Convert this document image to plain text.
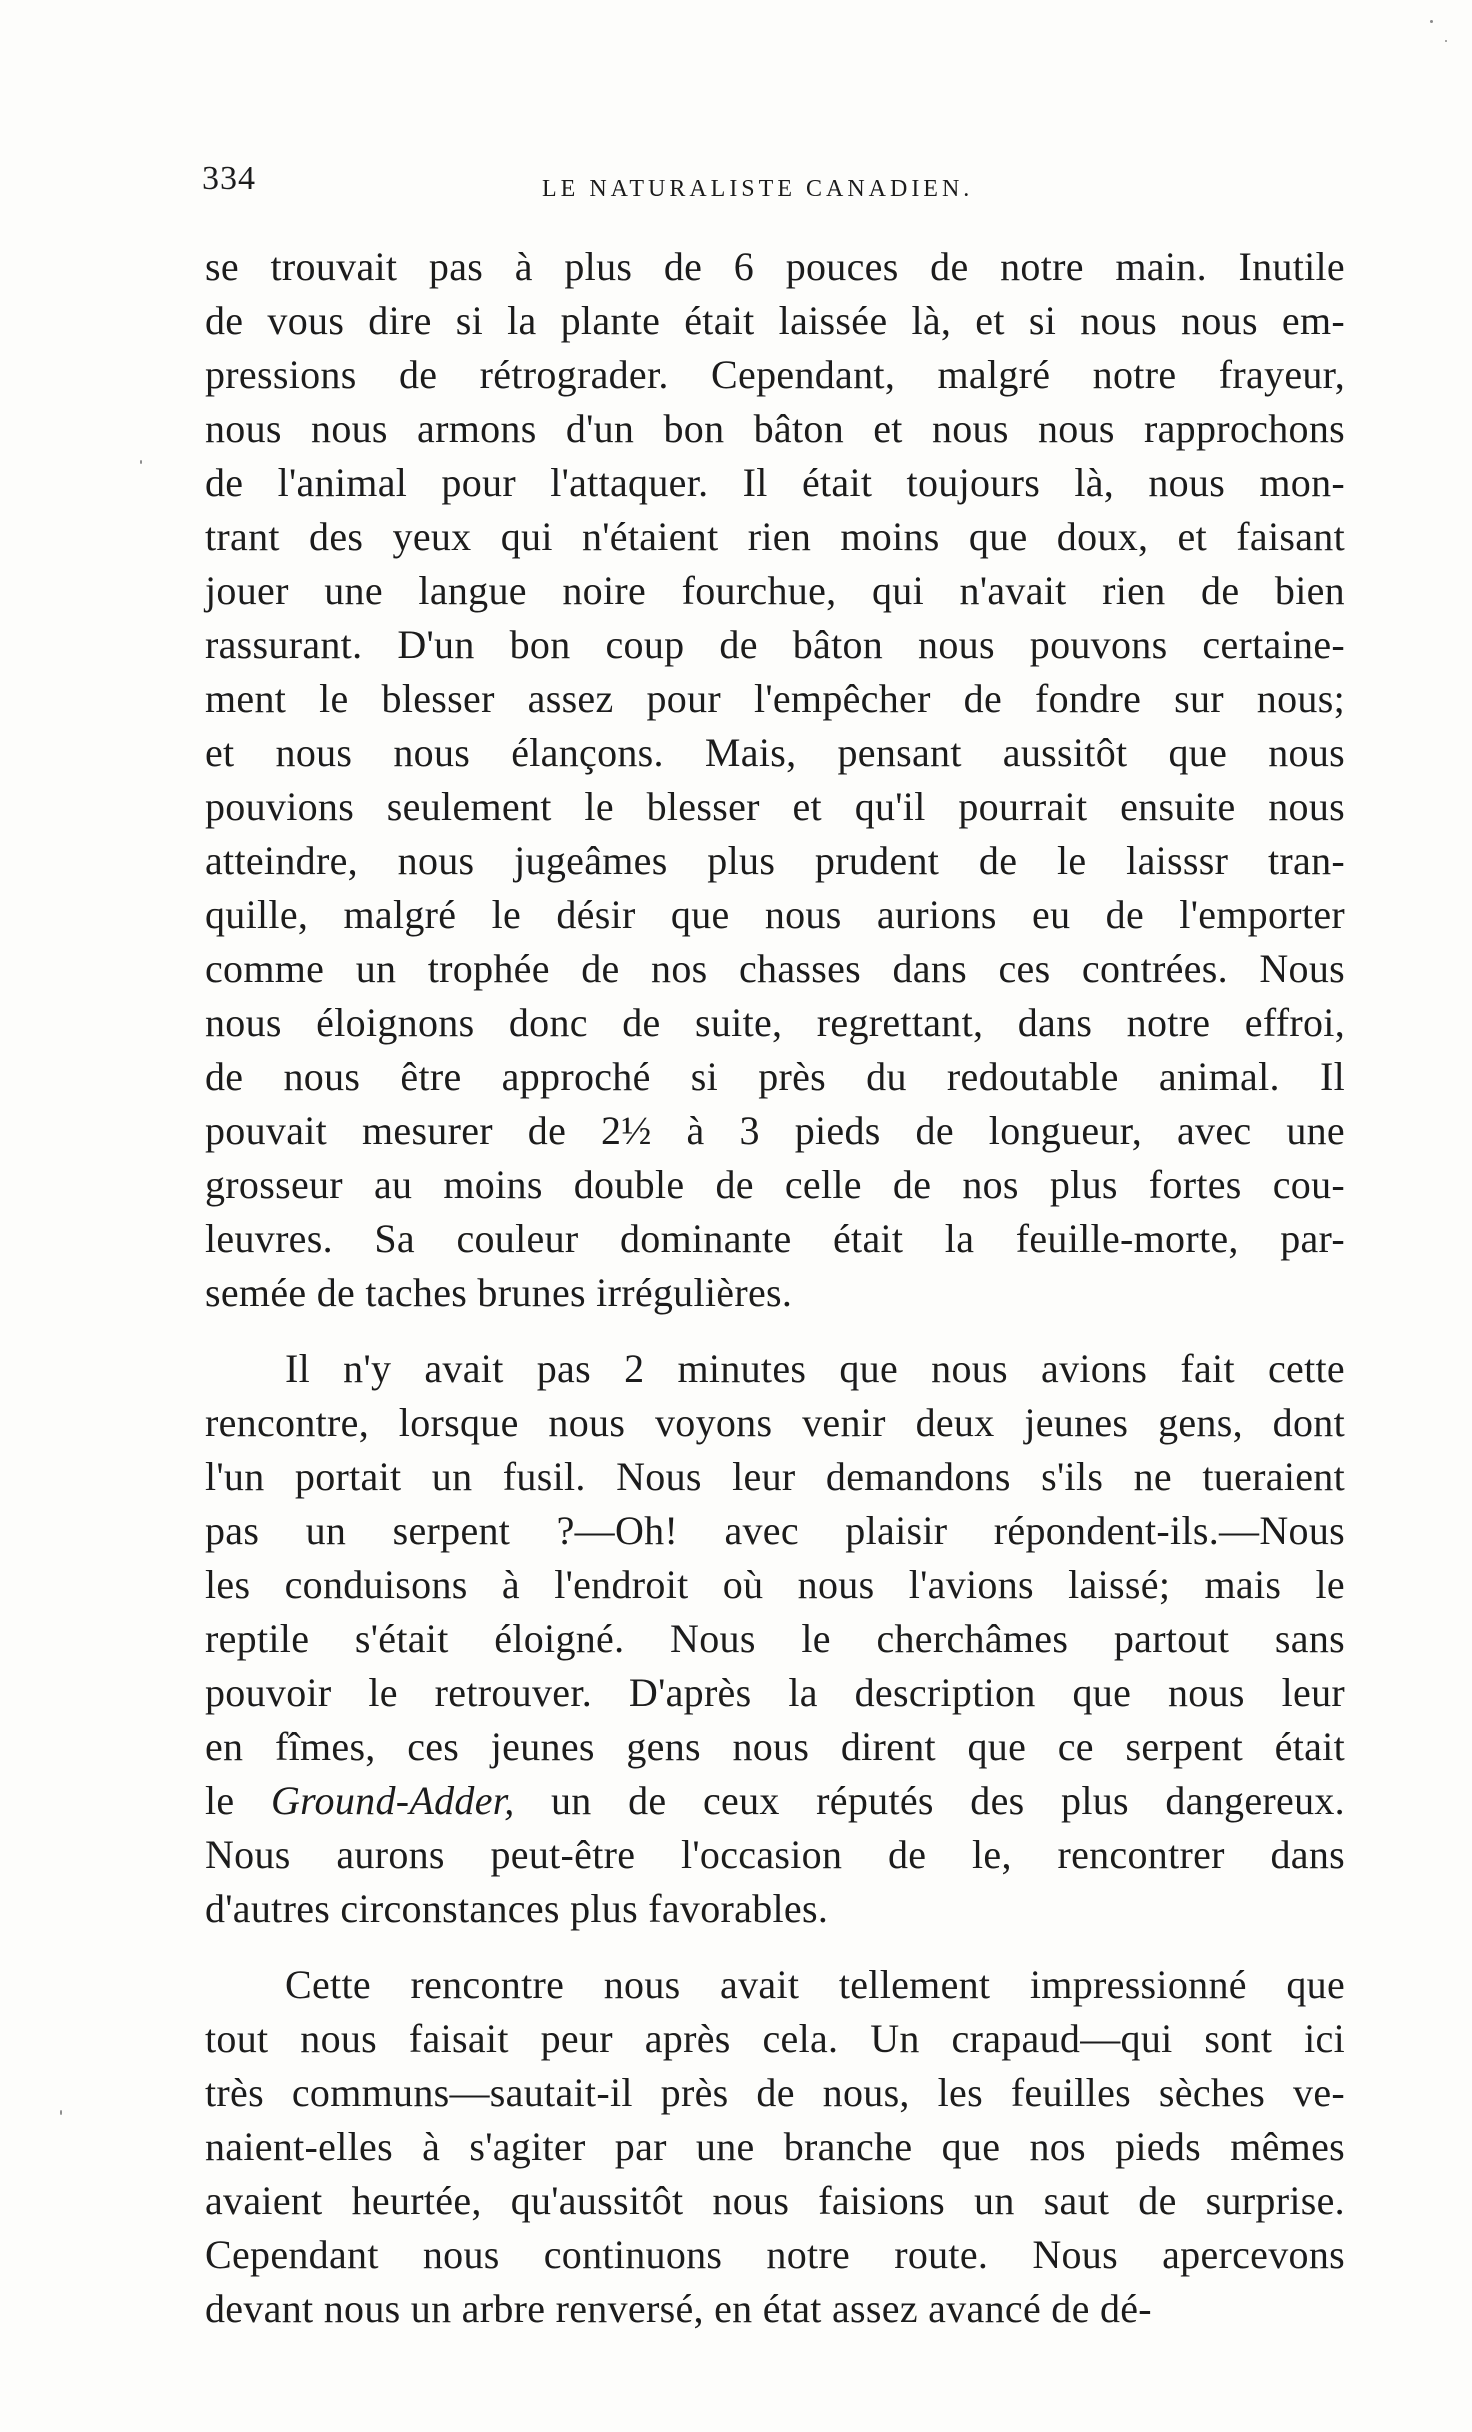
334	LE NATURALISTE CANADIEN.
se trouvait pas à plus de 6 pouces de notre main. Inutile
de vous dire si la plante était laissée là, et si nous nous em-
pressions de rétrograder. Cependant, malgré notre frayeur,
nous nous armons d'un bon bâton et nous nous rapprochons
de l'animal pour l'attaquer. Il était toujours là, nous mon-
trant des yeux qui n'étaient rien moins que doux, et faisant
jouer une langue noire fourchue, qui n'avait rien de bien
rassurant. D'un bon coup de bâton nous pouvons certaine-
ment le blesser assez pour l'empêcher de fondre sur nous;
et nous nous élançons. Mais, pensant aussitôt que nous
pouvions seulement le blesser et qu'il pourrait ensuite nous
atteindre, nous jugeâmes plus prudent de le laisssr tran-
quille, malgré le désir que nous aurions eu de l'emporter
comme un trophée de nos chasses dans ces contrées. Nous
nous éloignons donc de suite, regrettant, dans notre effroi,
de nous être approché si près du redoutable animal. Il
pouvait mesurer de 2½ à 3 pieds de longueur, avec une
grosseur au moins double de celle de nos plus fortes cou-
leuvres. Sa couleur dominante était la feuille-morte, par-
semée de taches brunes irrégulières.
Il n'y avait pas 2 minutes que nous avions fait cette
rencontre, lorsque nous voyons venir deux jeunes gens, dont
l'un portait un fusil. Nous leur demandons s'ils ne tueraient
pas un serpent ?—Oh! avec plaisir répondent-ils.—Nous
les conduisons à l'endroit où nous l'avions laissé; mais le
reptile s'était éloigné. Nous le cherchâmes partout sans
pouvoir le retrouver. D'après la description que nous leur
en fîmes, ces jeunes gens nous dirent que ce serpent était
le Ground-Adder, un de ceux réputés des plus dangereux.
Nous aurons peut-être l'occasion de le, rencontrer dans
d'autres circonstances plus favorables.
Cette rencontre nous avait tellement impressionné que
tout nous faisait peur après cela. Un crapaud—qui sont ici
très communs—sautait-il près de nous, les feuilles sèches ve-
naient-elles à s'agiter par une branche que nos pieds mêmes
avaient heurtée, qu'aussitôt nous faisions un saut de surprise.
Cependant nous continuons notre route. Nous apercevons
devant nous un arbre renversé, en état assez avancé de dé-
